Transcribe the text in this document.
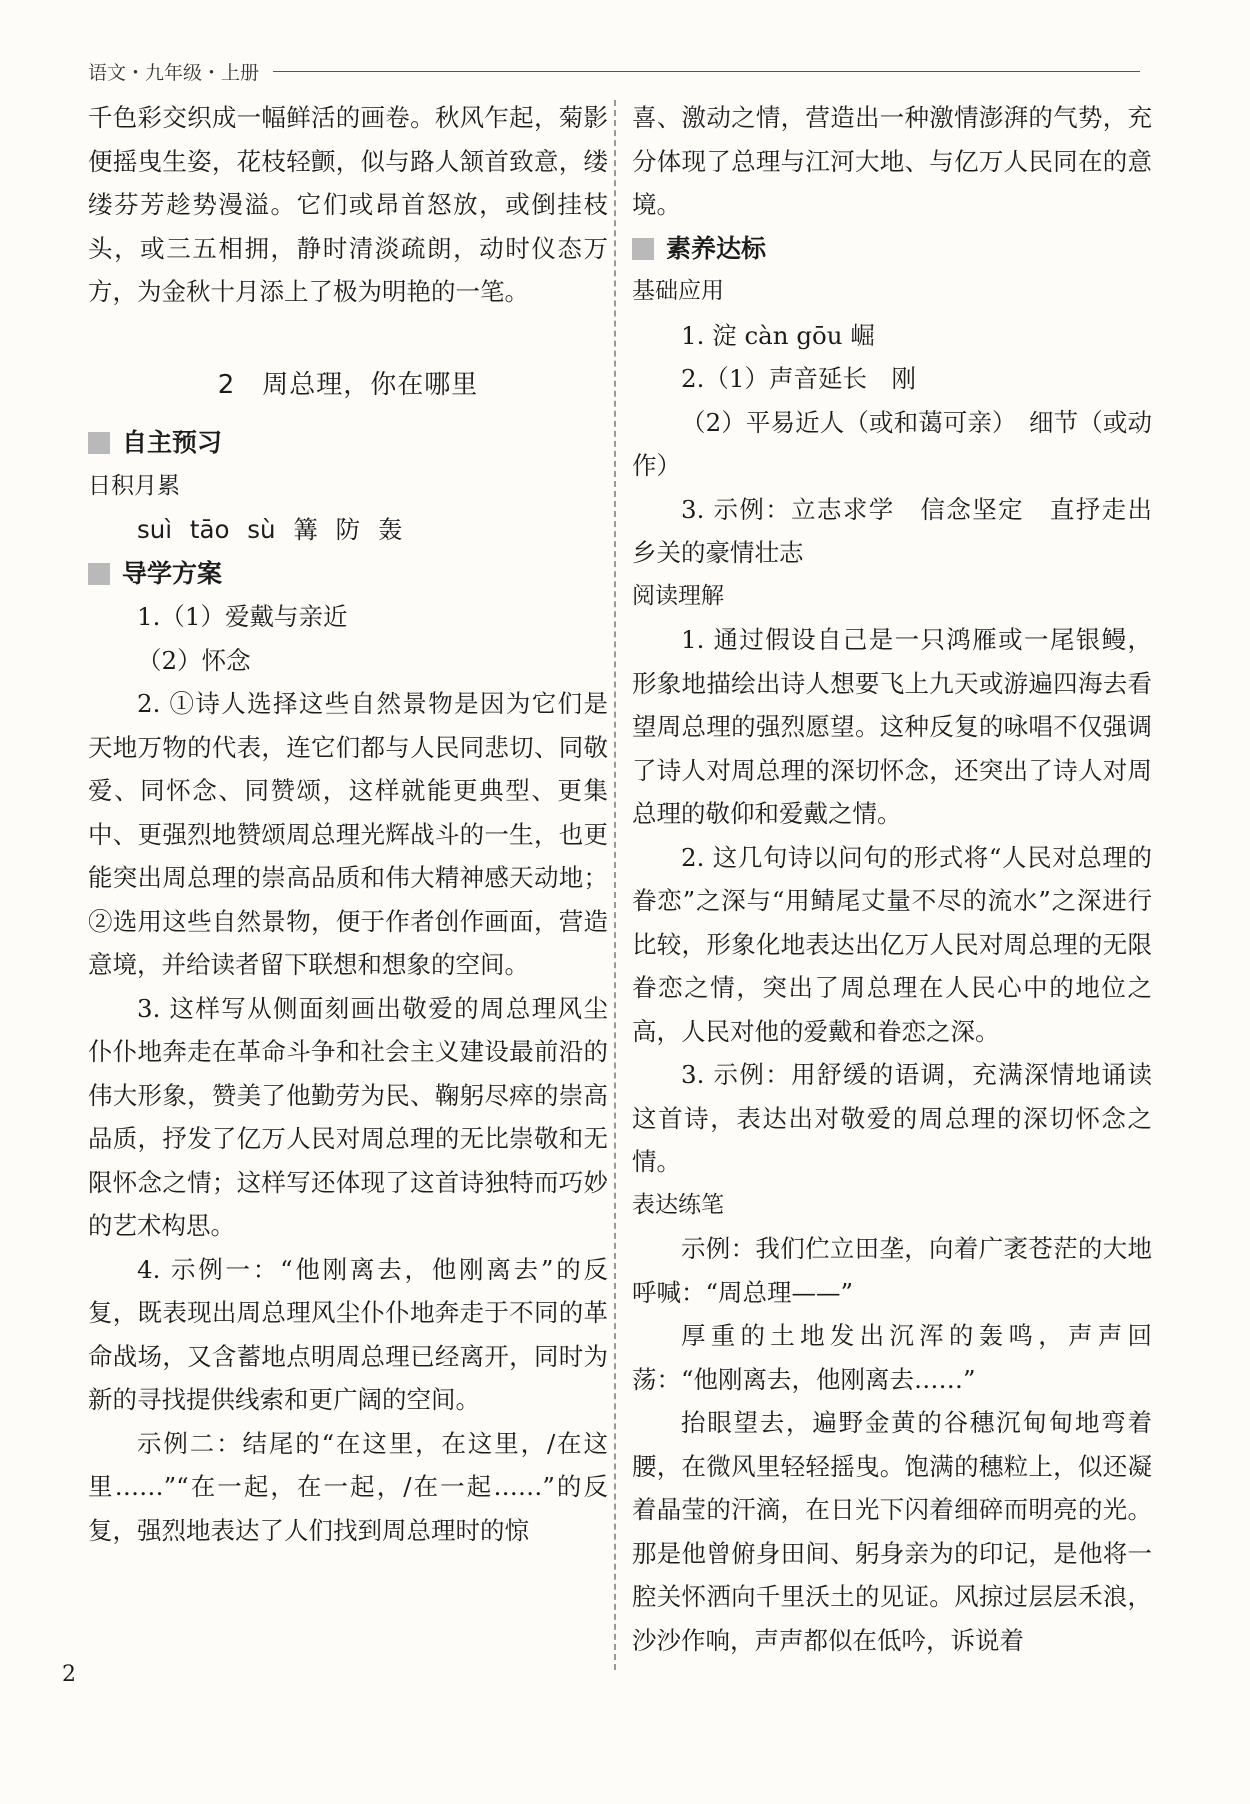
语文・九年级・上册

千色彩交织成一幅鲜活的画卷。秋风乍起，菊影便摇曳生姿，花枝轻颤，似与路人颔首致意，缕缕芬芳趁势漫溢。它们或昂首怒放，或倒挂枝头，或三五相拥，静时清淡疏朗，动时仪态万方，为金秋十月添上了极为明艳的一笔。

2　周总理，你在哪里
自主预习
日积月累

suì tāo sù 篝 防 轰

导学方案

1.（1）爱戴与亲近

（2）怀念

2. ①诗人选择这些自然景物是因为它们是天地万物的代表，连它们都与人民同悲切、同敬爱、同怀念、同赞颂，这样就能更典型、更集中、更强烈地赞颂周总理光辉战斗的一生，也更能突出周总理的崇高品质和伟大精神感天动地；②选用这些自然景物，便于作者创作画面，营造意境，并给读者留下联想和想象的空间。

3. 这样写从侧面刻画出敬爱的周总理风尘仆仆地奔走在革命斗争和社会主义建设最前沿的伟大形象，赞美了他勤劳为民、鞠躬尽瘁的崇高品质，抒发了亿万人民对周总理的无比崇敬和无限怀念之情；这样写还体现了这首诗独特而巧妙的艺术构思。

4. 示例一：“他刚离去，他刚离去”的反复，既表现出周总理风尘仆仆地奔走于不同的革命战场，又含蓄地点明周总理已经离开，同时为新的寻找提供线索和更广阔的空间。

示例二：结尾的“在这里，在这里，/在这里……”“在一起，在一起，/在一起……”的反复，强烈地表达了人们找到周总理时的惊

喜、激动之情，营造出一种激情澎湃的气势，充分体现了总理与江河大地、与亿万人民同在的意境。

素养达标
基础应用

1. 淀 càn gōu 崛

2.（1）声音延长　刚

（2）平易近人（或和蔼可亲）　细节（或动作）

3. 示例：立志求学　信念坚定　直抒走出乡关的豪情壮志

阅读理解

1. 通过假设自己是一只鸿雁或一尾银鳗，形象地描绘出诗人想要飞上九天或游遍四海去看望周总理的强烈愿望。这种反复的咏唱不仅强调了诗人对周总理的深切怀念，还突出了诗人对周总理的敬仰和爱戴之情。

2. 这几句诗以问句的形式将“人民对总理的眷恋”之深与“用鲭尾丈量不尽的流水”之深进行比较，形象化地表达出亿万人民对周总理的无限眷恋之情，突出了周总理在人民心中的地位之高，人民对他的爱戴和眷恋之深。

3. 示例：用舒缓的语调，充满深情地诵读这首诗，表达出对敬爱的周总理的深切怀念之情。

表达练笔

示例：我们伫立田垄，向着广袤苍茫的大地呼喊：“周总理——”

厚重的土地发出沉浑的轰鸣，声声回荡：“他刚离去，他刚离去……”

抬眼望去，遍野金黄的谷穗沉甸甸地弯着腰，在微风里轻轻摇曳。饱满的穗粒上，似还凝着晶莹的汗滴，在日光下闪着细碎而明亮的光。那是他曾俯身田间、躬身亲为的印记，是他将一腔关怀洒向千里沃土的见证。风掠过层层禾浪，沙沙作响，声声都似在低吟，诉说着

2
